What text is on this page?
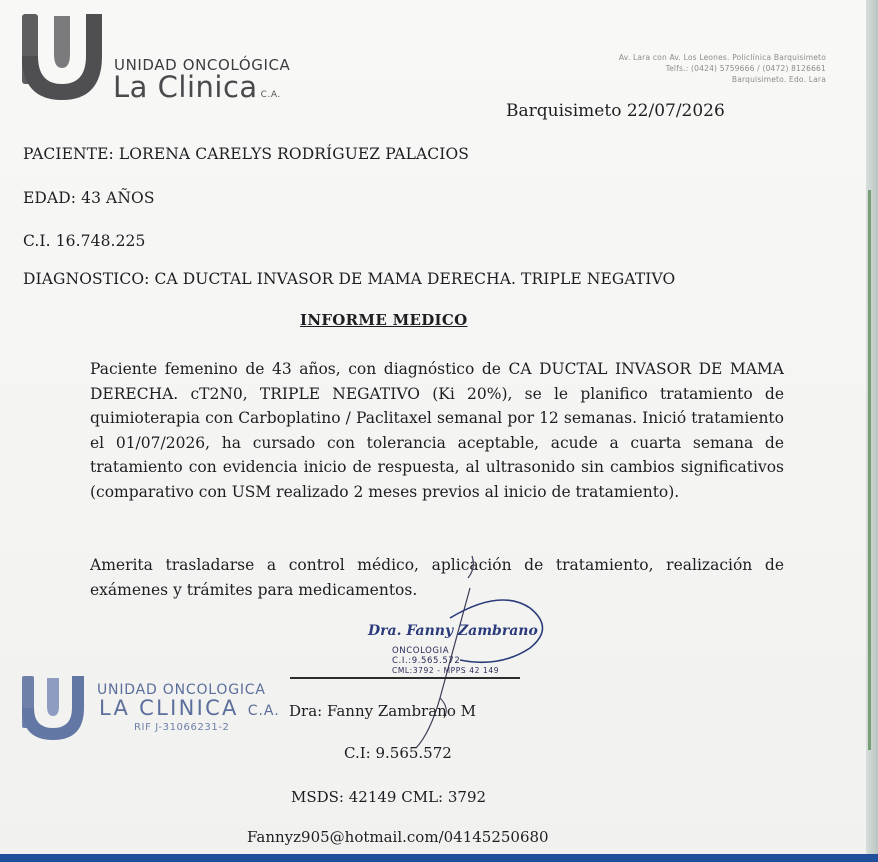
UNIDAD ONCOLÓGICA
La Clinica C.A.
Av. Lara con Av. Los Leones. Policlínica Barquisimeto
Telfs.: (0424) 5759666 / (0472) 8126661
Barquisimeto. Edo. Lara
Barquisimeto 22/07/2026
PACIENTE: LORENA CARELYS RODRÍGUEZ PALACIOS
EDAD: 43 AÑOS
C.I. 16.748.225
DIAGNOSTICO: CA DUCTAL INVASOR DE MAMA DERECHA. TRIPLE NEGATIVO
INFORME MEDICO
Paciente femenino de 43 años, con diagnóstico de CA DUCTAL INVASOR DE MAMA DERECHA. cT2N0, TRIPLE NEGATIVO (Ki 20%), se le planifico tratamiento de quimioterapia con Carboplatino / Paclitaxel semanal por 12 semanas. Inició tratamiento el 01/07/2026, ha cursado con tolerancia aceptable, acude a cuarta semana de tratamiento con evidencia inicio de respuesta, al ultrasonido sin cambios significativos (comparativo con USM realizado 2 meses previos al inicio de tratamiento).
Amerita trasladarse a control médico, aplicación de tratamiento, realización de exámenes y trámites para medicamentos.
Dra. Fanny Zambrano
ONCOLOGIA
C.I.:9.565.572
CML:3792 - MPPS 42 149
UNIDAD ONCOLOGICA
LA CLINICA C.A.
RIF J-31066231-2
Dra: Fanny Zambrano M
C.I: 9.565.572
MSDS: 42149 CML: 3792
Fannyz905@hotmail.com/04145250680
